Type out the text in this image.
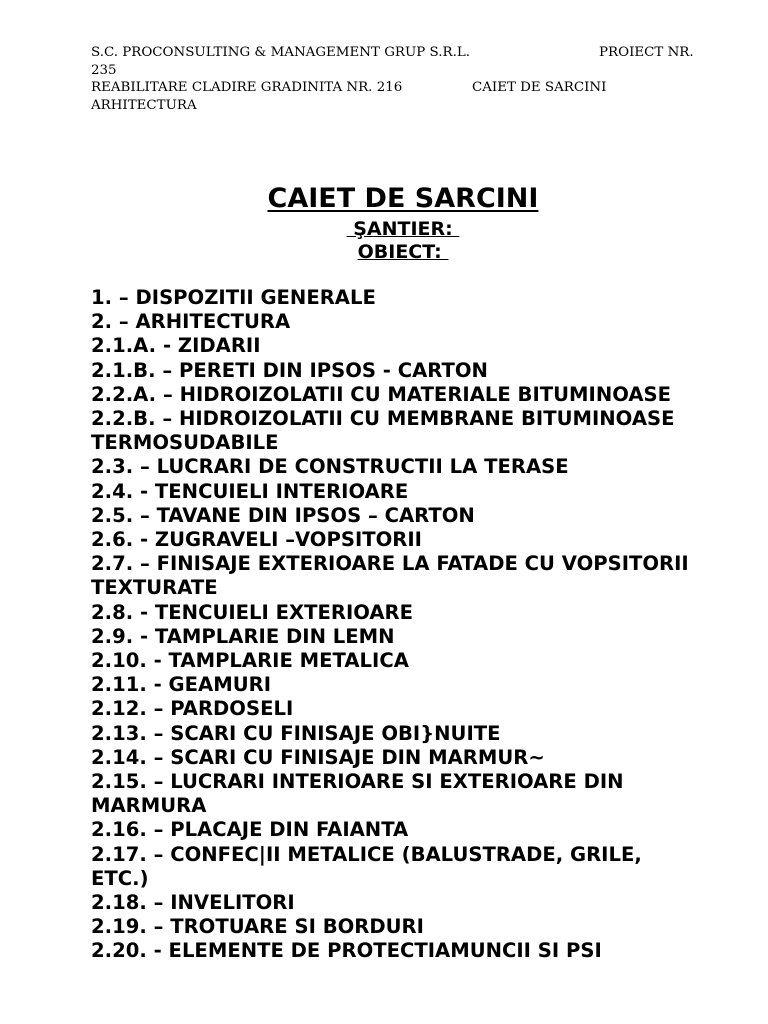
S.C. PROCONSULTING & MANAGEMENT GRUP S.R.L.	PROIECT NR.
235
REABILITARE CLADIRE GRADINITA NR. 216	CAIET DE SARCINI
ARHITECTURA
CAIET DE SARCINI
ŞANTIER:
OBIECT:
1. – DISPOZITII GENERALE
2. – ARHITECTURA
2.1.A. - ZIDARII
2.1.B. – PERETI DIN IPSOS - CARTON
2.2.A. – HIDROIZOLATII CU MATERIALE BITUMINOASE
2.2.B. – HIDROIZOLATII CU MEMBRANE BITUMINOASE TERMOSUDABILE
2.3. – LUCRARI DE CONSTRUCTII LA TERASE
2.4. - TENCUIELI INTERIOARE
2.5. – TAVANE DIN IPSOS – CARTON
2.6. - ZUGRAVELI –VOPSITORII
2.7. – FINISAJE EXTERIOARE LA FATADE CU VOPSITORII TEXTURATE
2.8. - TENCUIELI EXTERIOARE
2.9. - TAMPLARIE DIN LEMN
2.10. - TAMPLARIE METALICA
2.11. - GEAMURI
2.12. – PARDOSELI
2.13. – SCARI CU FINISAJE OBI}NUITE
2.14. – SCARI CU FINISAJE DIN MARMUR~
2.15. – LUCRARI INTERIOARE SI EXTERIOARE DIN MARMURA
2.16. – PLACAJE DIN FAIANTA
2.17. – CONFEC|II METALICE (BALUSTRADE, GRILE, ETC.)
2.18. – INVELITORI
2.19. – TROTUARE SI BORDURI
2.20. - ELEMENTE DE PROTECTIAMUNCII SI PSI
